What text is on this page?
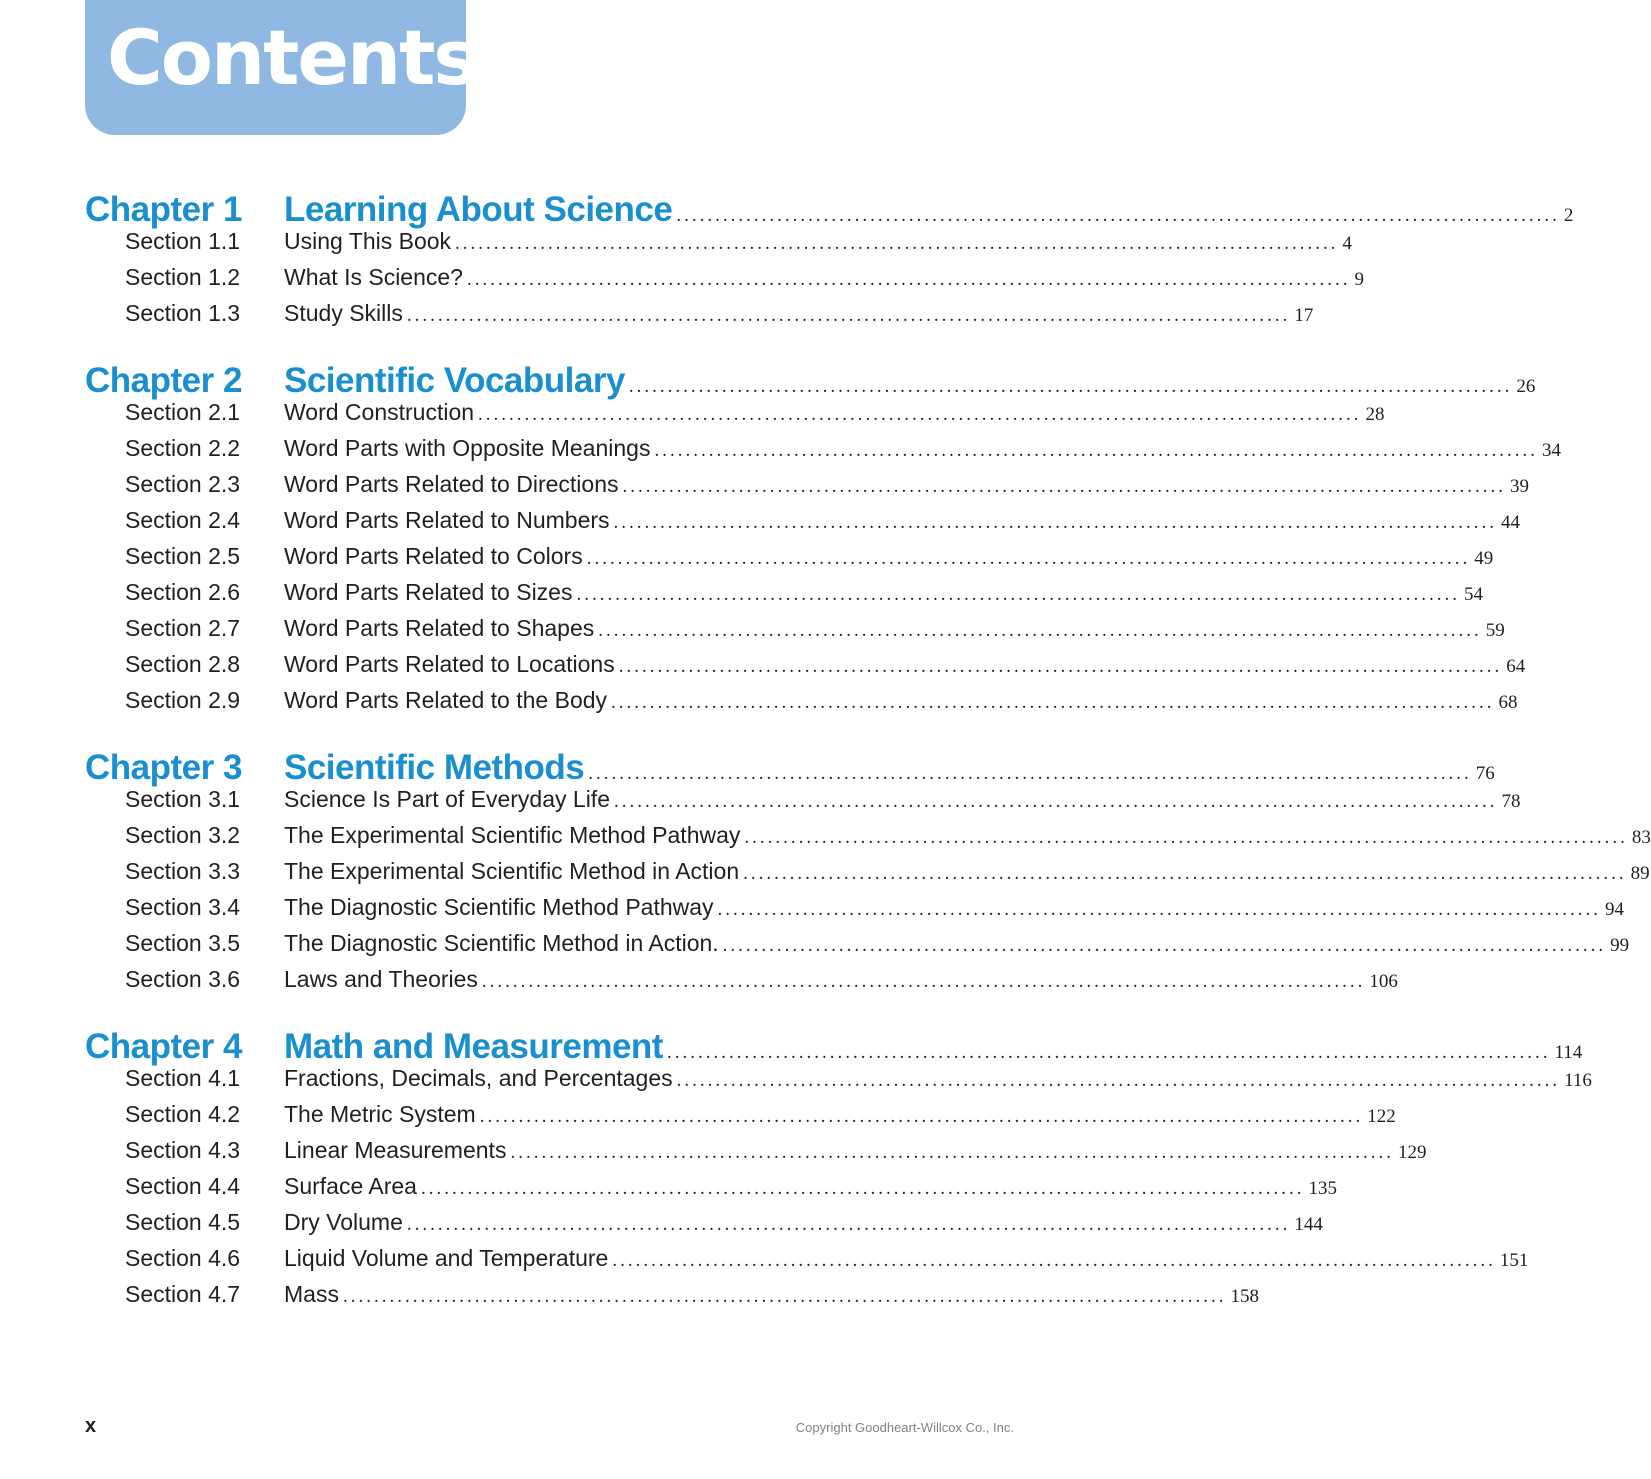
Contents
Chapter 1	Learning About Science .................................................................................................................. 2
Section 1.1	Using This Book .................................................................................................................. 4
Section 1.2	What Is Science? .................................................................................................................. 9
Section 1.3	Study Skills .................................................................................................................. 17
Chapter 2	Scientific Vocabulary .................................................................................................................. 26
Section 2.1	Word Construction .................................................................................................................. 28
Section 2.2	Word Parts with Opposite Meanings .................................................................................................................. 34
Section 2.3	Word Parts Related to Directions .................................................................................................................. 39
Section 2.4	Word Parts Related to Numbers .................................................................................................................. 44
Section 2.5	Word Parts Related to Colors .................................................................................................................. 49
Section 2.6	Word Parts Related to Sizes .................................................................................................................. 54
Section 2.7	Word Parts Related to Shapes .................................................................................................................. 59
Section 2.8	Word Parts Related to Locations .................................................................................................................. 64
Section 2.9	Word Parts Related to the Body .................................................................................................................. 68
Chapter 3	Scientific Methods .................................................................................................................. 76
Section 3.1	Science Is Part of Everyday Life .................................................................................................................. 78
Section 3.2	The Experimental Scientific Method Pathway .................................................................................................................. 83
Section 3.3	The Experimental Scientific Method in Action .................................................................................................................. 89
Section 3.4	The Diagnostic Scientific Method Pathway .................................................................................................................. 94
Section 3.5	The Diagnostic Scientific Method in Action. .................................................................................................................. 99
Section 3.6	Laws and Theories .................................................................................................................. 106
Chapter 4	Math and Measurement .................................................................................................................. 114
Section 4.1	Fractions, Decimals, and Percentages .................................................................................................................. 116
Section 4.2	The Metric System .................................................................................................................. 122
Section 4.3	Linear Measurements .................................................................................................................. 129
Section 4.4	Surface Area .................................................................................................................. 135
Section 4.5	Dry Volume .................................................................................................................. 144
Section 4.6	Liquid Volume and Temperature .................................................................................................................. 151
Section 4.7	Mass .................................................................................................................. 158
x	Copyright Goodheart-Willcox Co., Inc.
